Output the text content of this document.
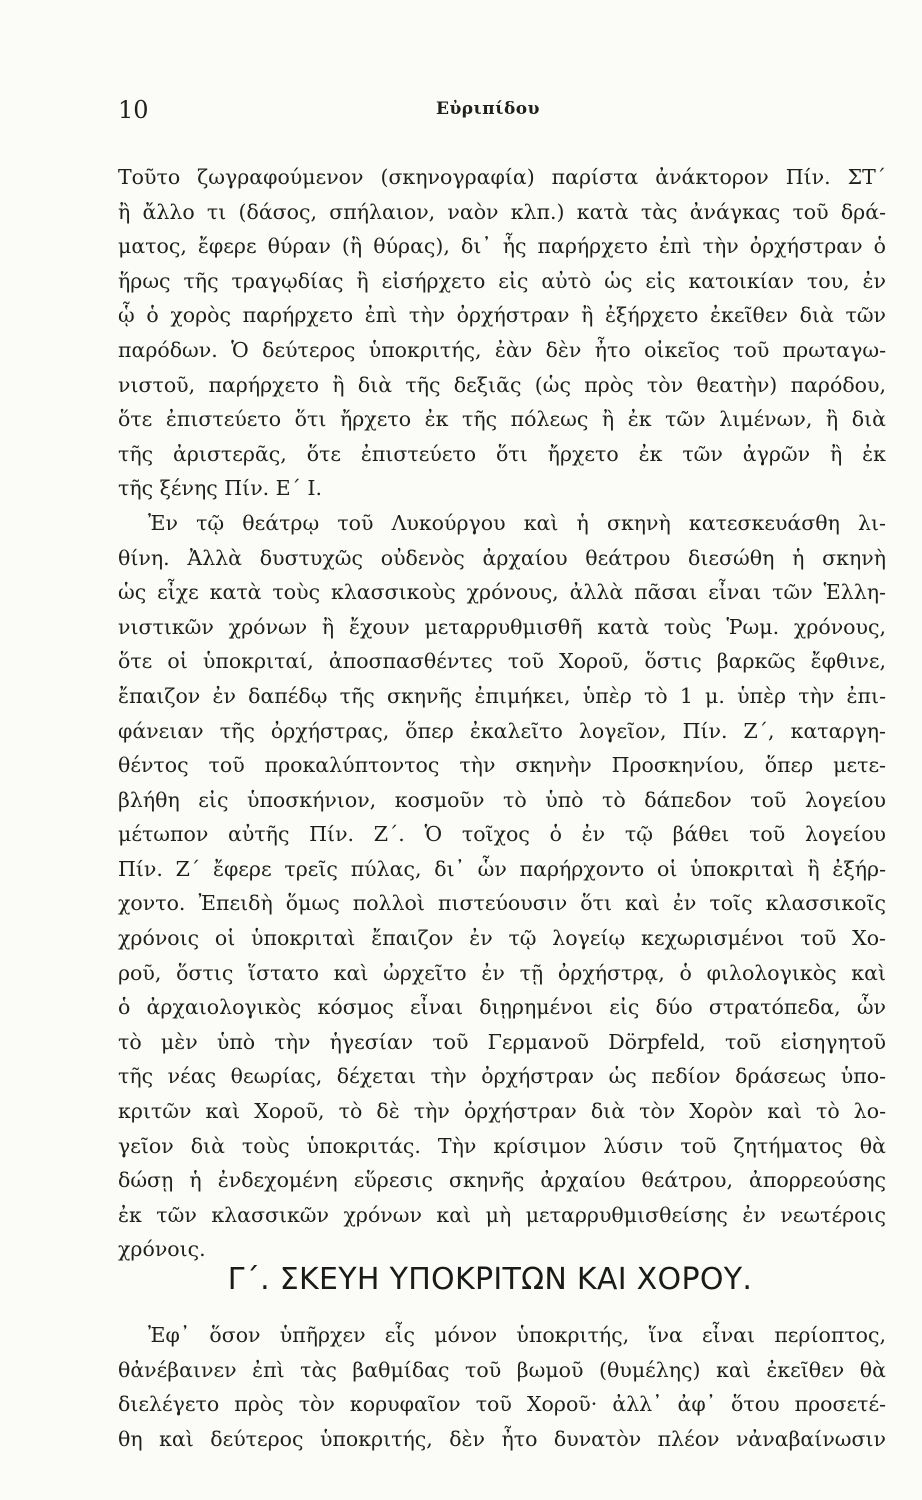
10	Εὐριπίδου
Τοῦτο ζωγραφούμενον (σκηνογραφία) παρίστα ἀνάκτορον Πίν. ΣΤ΄
ἢ ἄλλο τι (δάσος, σπήλαιον, ναὸν κλπ.) κατὰ τὰς ἀνάγκας τοῦ δρά-
ματος, ἔφερε θύραν (ἢ θύρας), δι᾽ ἧς παρήρχετο ἐπὶ τὴν ὀρχήστραν ὁ
ἥρως τῆς τραγῳδίας ἢ εἰσήρχετο εἰς αὐτὸ ὡς εἰς κατοικίαν του, ἐν
ᾧ ὁ χορὸς παρήρχετο ἐπὶ τὴν ὀρχήστραν ἢ ἐξήρχετο ἐκεῖθεν διὰ τῶν
παρόδων. Ὁ δεύτερος ὑποκριτής, ἐὰν δὲν ἦτο οἰκεῖος τοῦ πρωταγω-
νιστοῦ, παρήρχετο ἢ διὰ τῆς δεξιᾶς (ὡς πρὸς τὸν θεατὴν) παρόδου,
ὅτε ἐπιστεύετο ὅτι ἤρχετο ἐκ τῆς πόλεως ἢ ἐκ τῶν λιμένων, ἢ διὰ
τῆς ἀριστερᾶς, ὅτε ἐπιστεύετο ὅτι ἤρχετο ἐκ τῶν ἀγρῶν ἢ ἐκ
τῆς ξένης Πίν. Ε΄ Ι.
Ἐν τῷ θεάτρῳ τοῦ Λυκούργου καὶ ἡ σκηνὴ κατεσκευάσθη λι-
θίνη. Ἀλλὰ δυστυχῶς οὐδενὸς ἀρχαίου θεάτρου διεσώθη ἡ σκηνὴ
ὡς εἶχε κατὰ τοὺς κλασσικοὺς χρόνους, ἀλλὰ πᾶσαι εἶναι τῶν Ἑλλη-
νιστικῶν χρόνων ἢ ἔχουν μεταρρυθμισθῆ κατὰ τοὺς Ῥωμ. χρόνους,
ὅτε οἱ ὑποκριταί, ἀποσπασθέντες τοῦ Χοροῦ, ὅστις βαρκῶς ἔφθινε,
ἔπαιζον ἐν δαπέδῳ τῆς σκηνῆς ἐπιμήκει, ὑπὲρ τὸ 1 μ. ὑπὲρ τὴν ἐπι-
φάνειαν τῆς ὀρχήστρας, ὅπερ ἐκαλεῖτο λογεῖον, Πίν. Ζ΄, καταργη-
θέντος τοῦ προκαλύπτοντος τὴν σκηνὴν Προσκηνίου, ὅπερ μετε-
βλήθη εἰς ὑποσκήνιον, κοσμοῦν τὸ ὑπὸ τὸ δάπεδον τοῦ λογείου
μέτωπον αὐτῆς Πίν. Ζ΄. Ὁ τοῖχος ὁ ἐν τῷ βάθει τοῦ λογείου
Πίν. Ζ΄ ἔφερε τρεῖς πύλας, δι᾽ ὧν παρήρχοντο οἱ ὑποκριταὶ ἢ ἐξήρ-
χοντο. Ἐπειδὴ ὅμως πολλοὶ πιστεύουσιν ὅτι καὶ ἐν τοῖς κλασσικοῖς
χρόνοις οἱ ὑποκριταὶ ἔπαιζον ἐν τῷ λογείῳ κεχωρισμένοι τοῦ Χο-
ροῦ, ὅστις ἵστατο καὶ ὠρχεῖτο ἐν τῇ ὀρχήστρᾳ, ὁ φιλολογικὸς καὶ
ὁ ἀρχαιολογικὸς κόσμος εἶναι διῃρημένοι εἰς δύο στρατόπεδα, ὧν
τὸ μὲν ὑπὸ τὴν ἡγεσίαν τοῦ Γερμανοῦ Dörpfeld, τοῦ εἰσηγητοῦ
τῆς νέας θεωρίας, δέχεται τὴν ὀρχήστραν ὡς πεδίον δράσεως ὑπο-
κριτῶν καὶ Χοροῦ, τὸ δὲ τὴν ὀρχήστραν διὰ τὸν Χορὸν καὶ τὸ λο-
γεῖον διὰ τοὺς ὑποκριτάς. Τὴν κρίσιμον λύσιν τοῦ ζητήματος θὰ
δώσῃ ἡ ἐνδεχομένη εὕρεσις σκηνῆς ἀρχαίου θεάτρου, ἀπορρεούσης
ἐκ τῶν κλασσικῶν χρόνων καὶ μὴ μεταρρυθμισθείσης ἐν νεωτέροις
χρόνοις.
Γ΄. ΣΚΕΥΗ ΥΠΟΚΡΙΤΩΝ ΚΑΙ ΧΟΡΟΥ.
Ἐφ᾽ ὅσον ὑπῆρχεν εἷς μόνον ὑποκριτής, ἵνα εἶναι περίοπτος,
θἀνέβαινεν ἐπὶ τὰς βαθμίδας τοῦ βωμοῦ (θυμέλης) καὶ ἐκεῖθεν θὰ
διελέγετο πρὸς τὸν κορυφαῖον τοῦ Χοροῦ· ἀλλ᾽ ἀφ᾽ ὅτου προσετέ-
θη καὶ δεύτερος ὑποκριτής, δὲν ἦτο δυνατὸν πλέον νἀναβαίνωσιν
